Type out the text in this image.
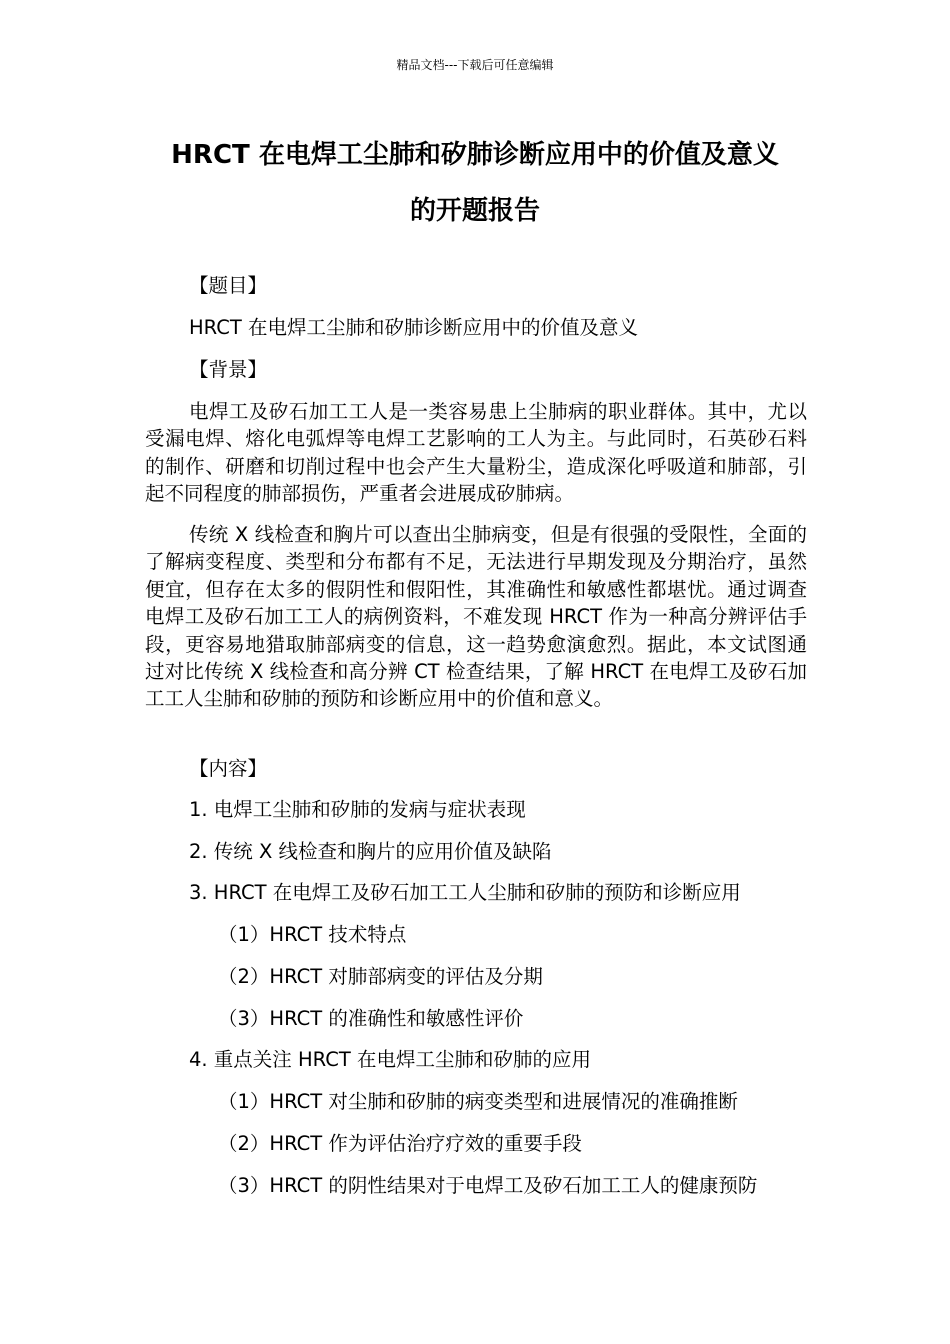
精品文档---下载后可任意编辑
HRCT 在电焊工尘肺和矽肺诊断应用中的价值及意义
的开题报告
【题目】
HRCT 在电焊工尘肺和矽肺诊断应用中的价值及意义
【背景】
电焊工及矽石加工工人是一类容易患上尘肺病的职业群体。其中，尤以受漏电焊、熔化电弧焊等电焊工艺影响的工人为主。与此同时，石英砂石料的制作、研磨和切削过程中也会产生大量粉尘，造成深化呼吸道和肺部，引起不同程度的肺部损伤，严重者会进展成矽肺病。
传统 X 线检查和胸片可以查出尘肺病变，但是有很强的受限性，全面的了解病变程度、类型和分布都有不足，无法进行早期发现及分期治疗，虽然便宜，但存在太多的假阴性和假阳性，其准确性和敏感性都堪忧。通过调查电焊工及矽石加工工人的病例资料，不难发现 HRCT 作为一种高分辨评估手段，更容易地猎取肺部病变的信息，这一趋势愈演愈烈。据此，本文试图通过对比传统 X 线检查和高分辨 CT 检查结果，了解 HRCT 在电焊工及矽石加工工人尘肺和矽肺的预防和诊断应用中的价值和意义。
【内容】
1. 电焊工尘肺和矽肺的发病与症状表现
2. 传统 X 线检查和胸片的应用价值及缺陷
3. HRCT 在电焊工及矽石加工工人尘肺和矽肺的预防和诊断应用
（1）HRCT 技术特点
（2）HRCT 对肺部病变的评估及分期
（3）HRCT 的准确性和敏感性评价
4. 重点关注 HRCT 在电焊工尘肺和矽肺的应用
（1）HRCT 对尘肺和矽肺的病变类型和进展情况的准确推断
（2）HRCT 作为评估治疗疗效的重要手段
（3）HRCT 的阴性结果对于电焊工及矽石加工工人的健康预防
